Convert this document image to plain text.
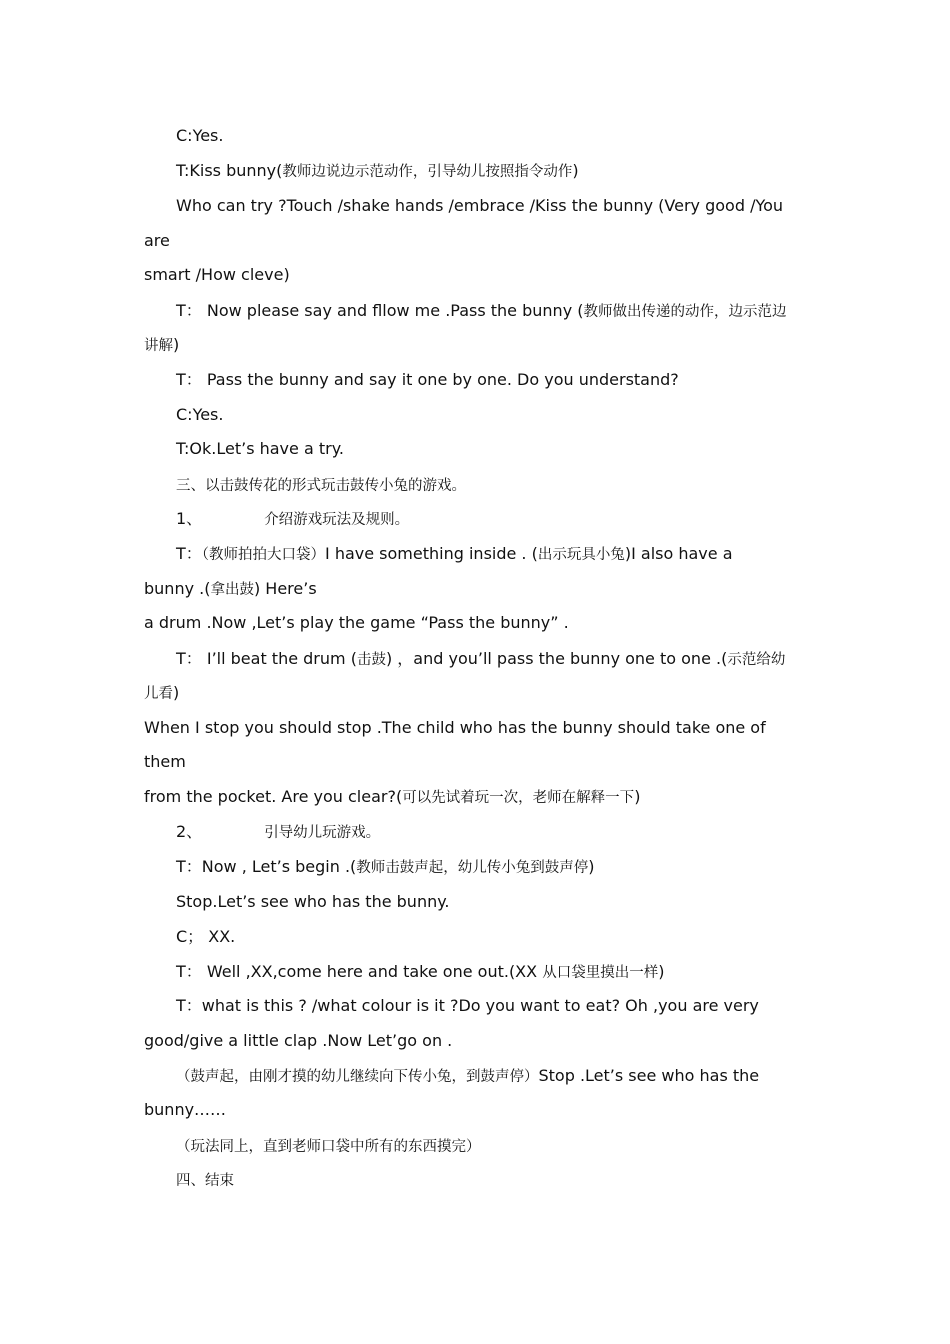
C:Yes.

T:Kiss bunny(教师边说边示范动作，引导幼儿按照指令动作)

Who can try ?Touch /shake hands /embrace /Kiss the bunny (Very good /You

are

smart /How cleve)

T： Now please say and fllow me .Pass the bunny (教师做出传递的动作，边示范边

讲解)

T： Pass the bunny and say it one by one. Do you understand?

C:Yes.

T:Ok.Let’s have a try.

三、以击鼓传花的形式玩击鼓传小兔的游戏。

1、	介绍游戏玩法及规则。

T：（教师拍拍大口袋）I have something inside . (出示玩具小兔)I also have a

bunny .(拿出鼓) Here’s

a drum .Now ,Let’s play the game “Pass the bunny” .

T： I’ll beat the drum (击鼓) ，and you’ll pass the bunny one to one .(示范给幼

儿看)

When I stop you should stop .The child who has the bunny should take one of

them

from the pocket. Are you clear?(可以先试着玩一次，老师在解释一下)

2、	引导幼儿玩游戏。

T：Now , Let’s begin .(教师击鼓声起，幼儿传小兔到鼓声停)

Stop.Let’s see who has the bunny.

C； XX.

T： Well ,XX,come here and take one out.(XX 从口袋里摸出一样)

T：what is this ? /what colour is it ?Do you want to eat? Oh ,you are very

good/give a little clap .Now Let’go on .

（鼓声起，由刚才摸的幼儿继续向下传小兔，到鼓声停）Stop .Let’s see who has the

bunny……

（玩法同上，直到老师口袋中所有的东西摸完）

四、结束
